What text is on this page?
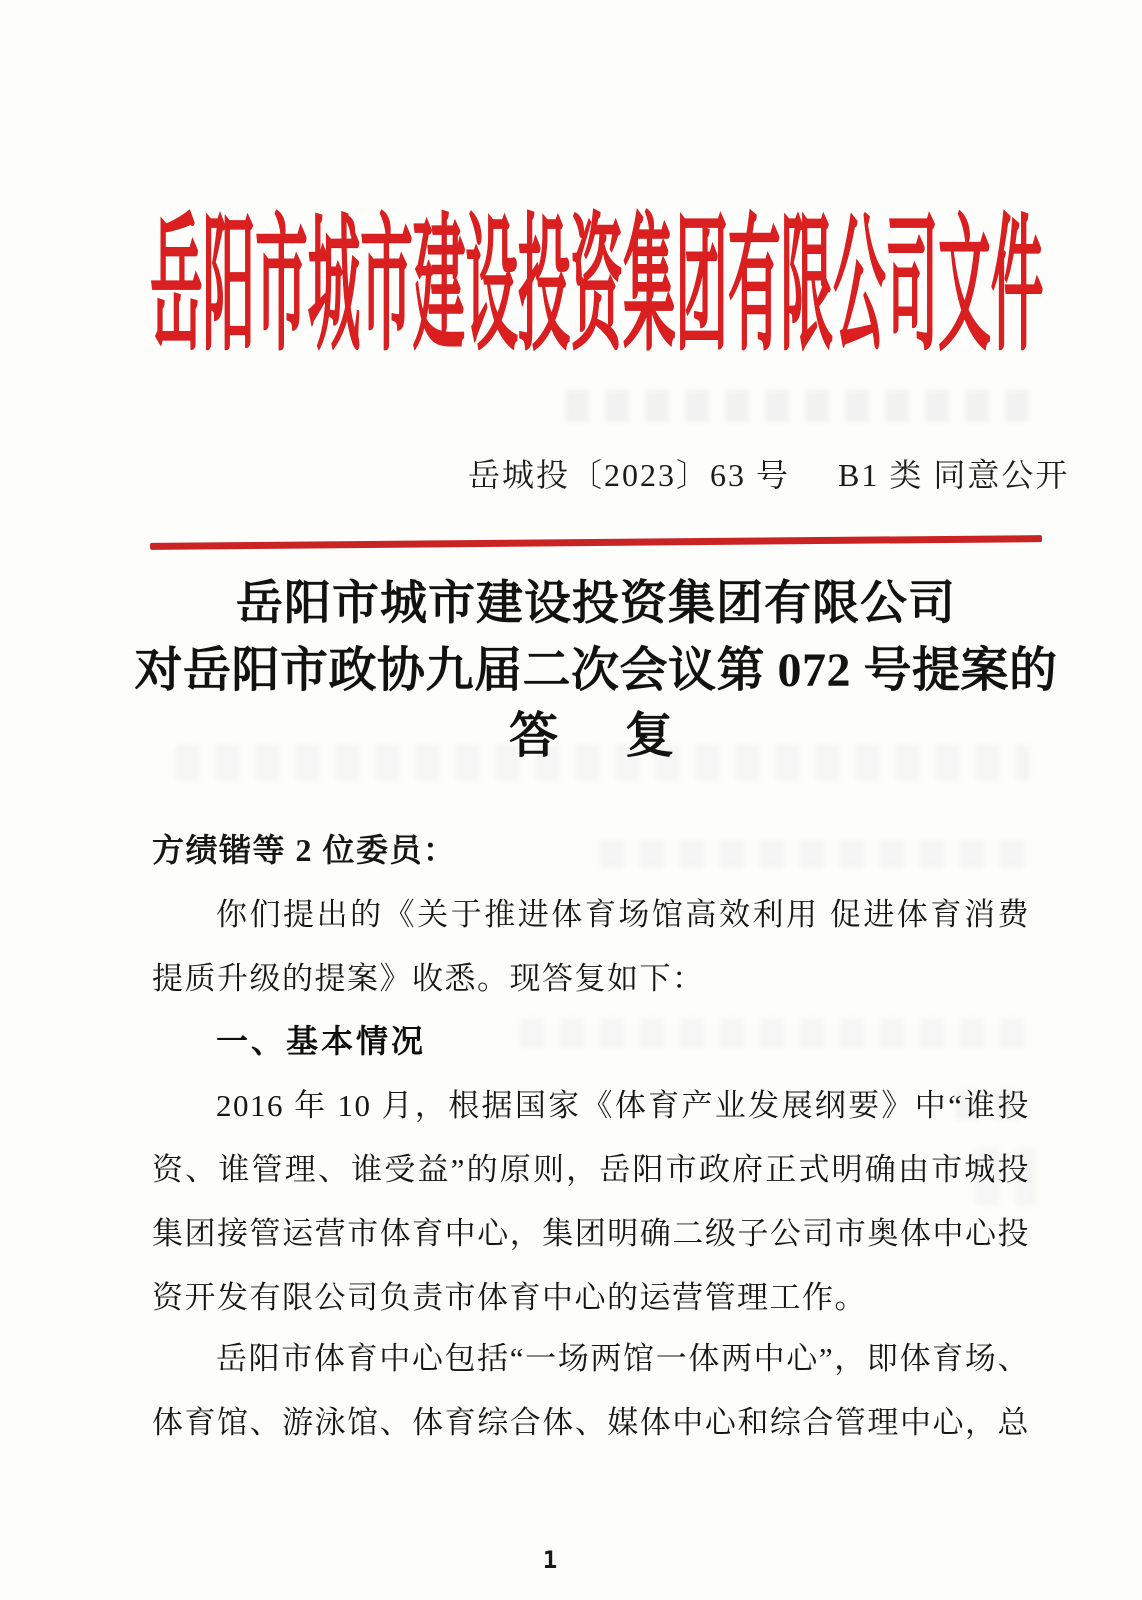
岳阳市城市建设投资集团有限公司文件
岳城投〔2023〕63 号 B1 类 同意公开
岳阳市城市建设投资集团有限公司
对岳阳市政协九届二次会议第 072 号提案的
答　复
方绩锴等 2 位委员：
你们提出的《关于推进体育场馆高效利用 促进体育消费
提质升级的提案》收悉。现答复如下：
一、基本情况
2016 年 10 月，根据国家《体育产业发展纲要》中“谁投
资、谁管理、谁受益”的原则，岳阳市政府正式明确由市城投
集团接管运营市体育中心，集团明确二级子公司市奥体中心投
资开发有限公司负责市体育中心的运营管理工作。
岳阳市体育中心包括“一场两馆一体两中心”，即体育场、
体育馆、游泳馆、体育综合体、媒体中心和综合管理中心，总
1
